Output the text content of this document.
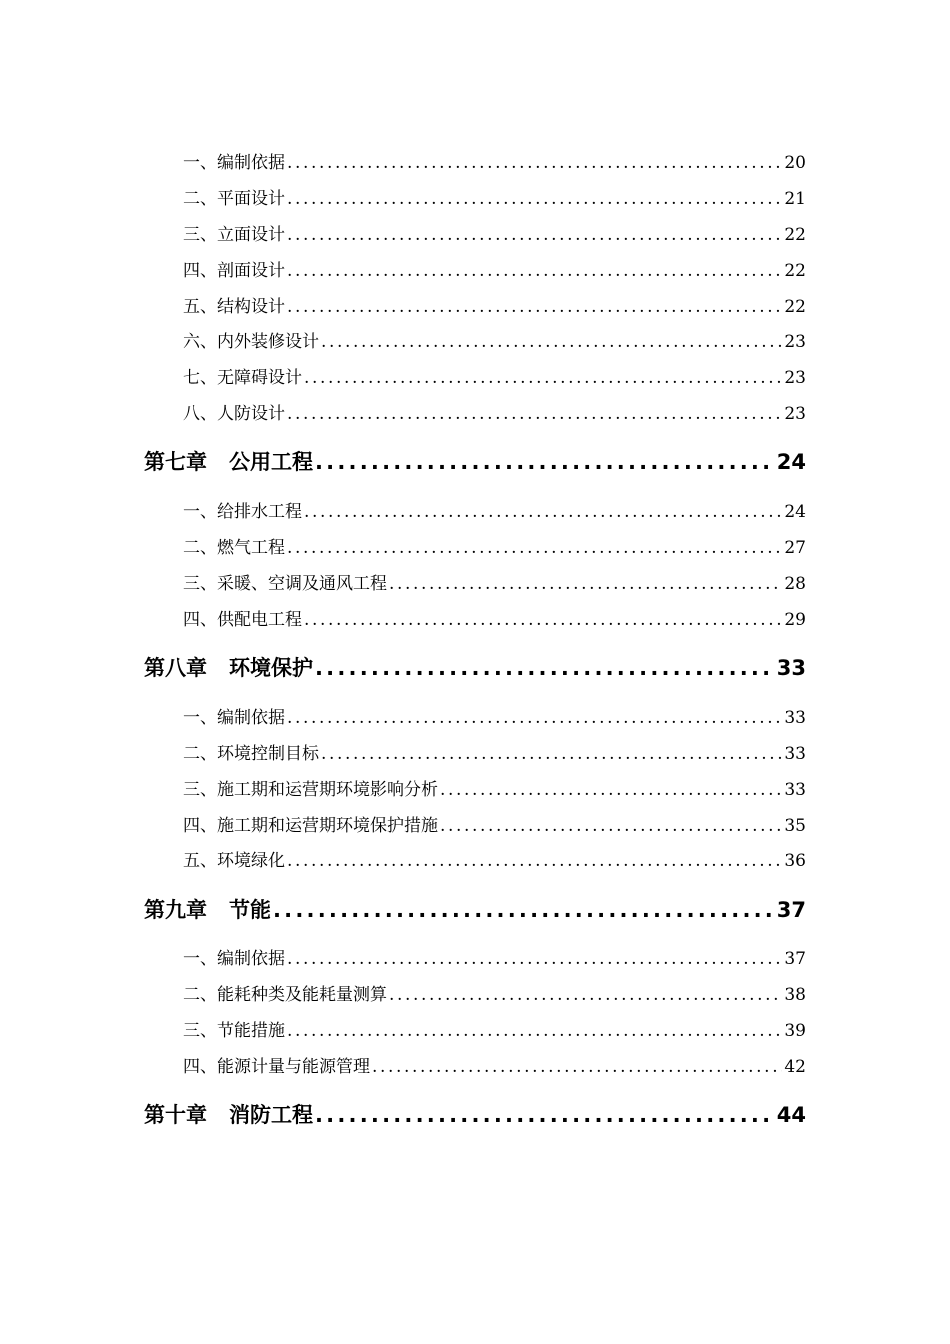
一、编制依据 .....	20
二、平面设计 .....	21
三、立面设计 .....	22
四、剖面设计 .....	22
五、结构设计 .....	22
六、内外装修设计 .....	23
七、无障碍设计 .....	23
八、人防设计 .....	23
第七章 公用工程 .....	24
一、给排水工程 .....	24
二、燃气工程 .....	27
三、采暖、空调及通风工程 .....	28
四、供配电工程 .....	29
第八章 环境保护 .....	33
一、编制依据 .....	33
二、环境控制目标 .....	33
三、施工期和运营期环境影响分析 .....	33
四、施工期和运营期环境保护措施 .....	35
五、环境绿化 .....	36
第九章 节能 .....	37
一、编制依据 .....	37
二、能耗种类及能耗量测算 .....	38
三、节能措施 .....	39
四、能源计量与能源管理 .....	42
第十章 消防工程 .....	44
